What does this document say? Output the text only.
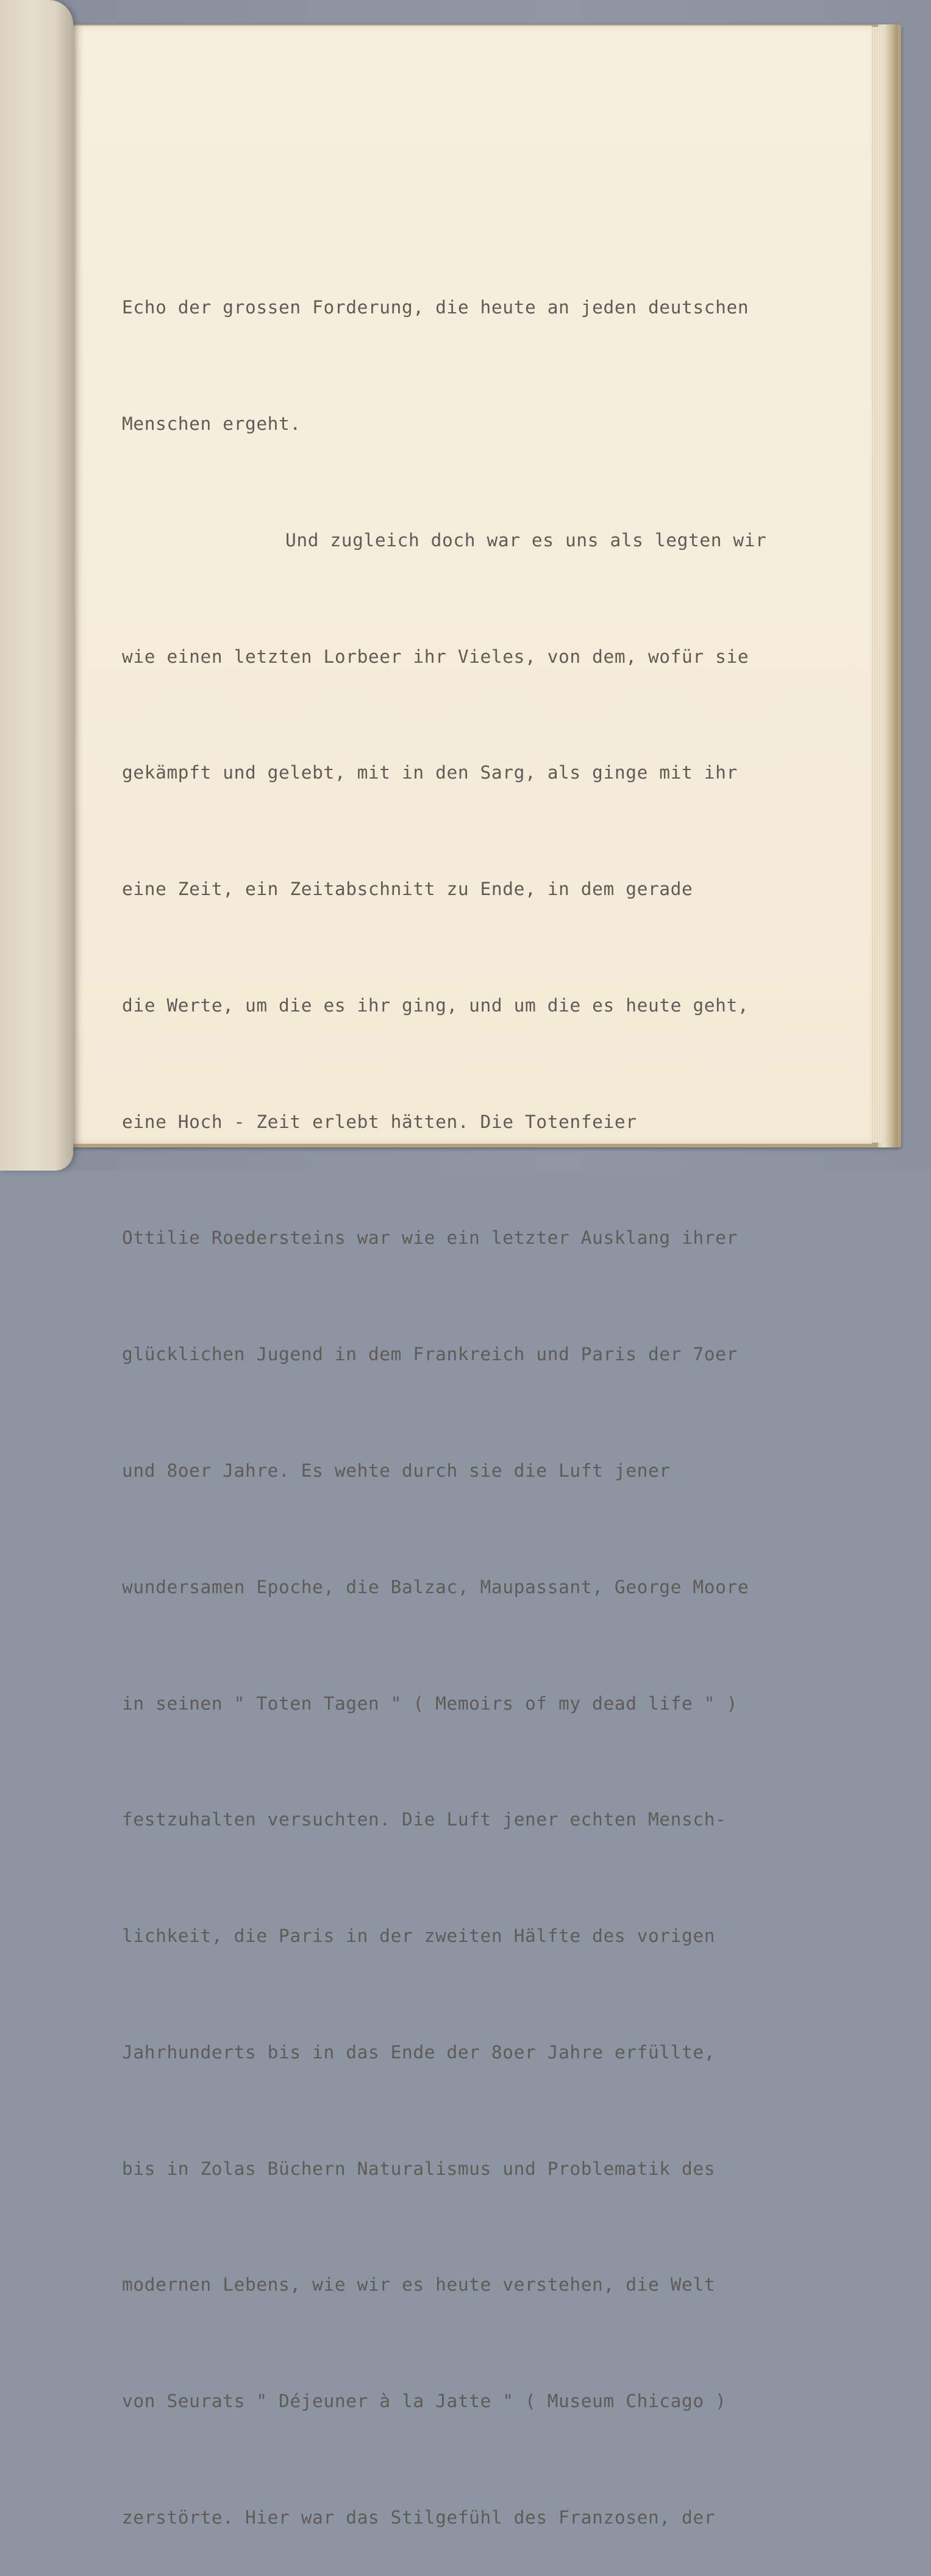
Echo der grossen Forderung, die heute an jeden deutschen

Menschen ergeht.

Und zugleich doch war es uns als legten wir

wie einen letzten Lorbeer ihr Vieles, von dem, wofür sie

gekämpft und gelebt, mit in den Sarg, als ginge mit ihr

eine Zeit, ein Zeitabschnitt zu Ende, in dem gerade

die Werte, um die es ihr ging, und um die es heute geht,

eine Hoch - Zeit erlebt hätten. Die Totenfeier

Ottilie Roedersteins war wie ein letzter Ausklang ihrer

glücklichen Jugend in dem Frankreich und Paris der 7oer

und 8oer Jahre. Es wehte durch sie die Luft jener

wundersamen Epoche, die Balzac, Maupassant, George Moore

in seinen " Toten Tagen " ( Memoirs of my dead life " )

festzuhalten versuchten. Die Luft jener echten Mensch-

lichkeit, die Paris in der zweiten Hälfte des vorigen

Jahrhunderts bis in das Ende der 8oer Jahre erfüllte,

bis in Zolas Büchern Naturalismus und Problematik des

modernen Lebens, wie wir es heute verstehen, die Welt

von Seurats " Déjeuner à la Jatte " ( Museum Chicago )

zerstörte. Hier war das Stilgefühl des Franzosen, der
